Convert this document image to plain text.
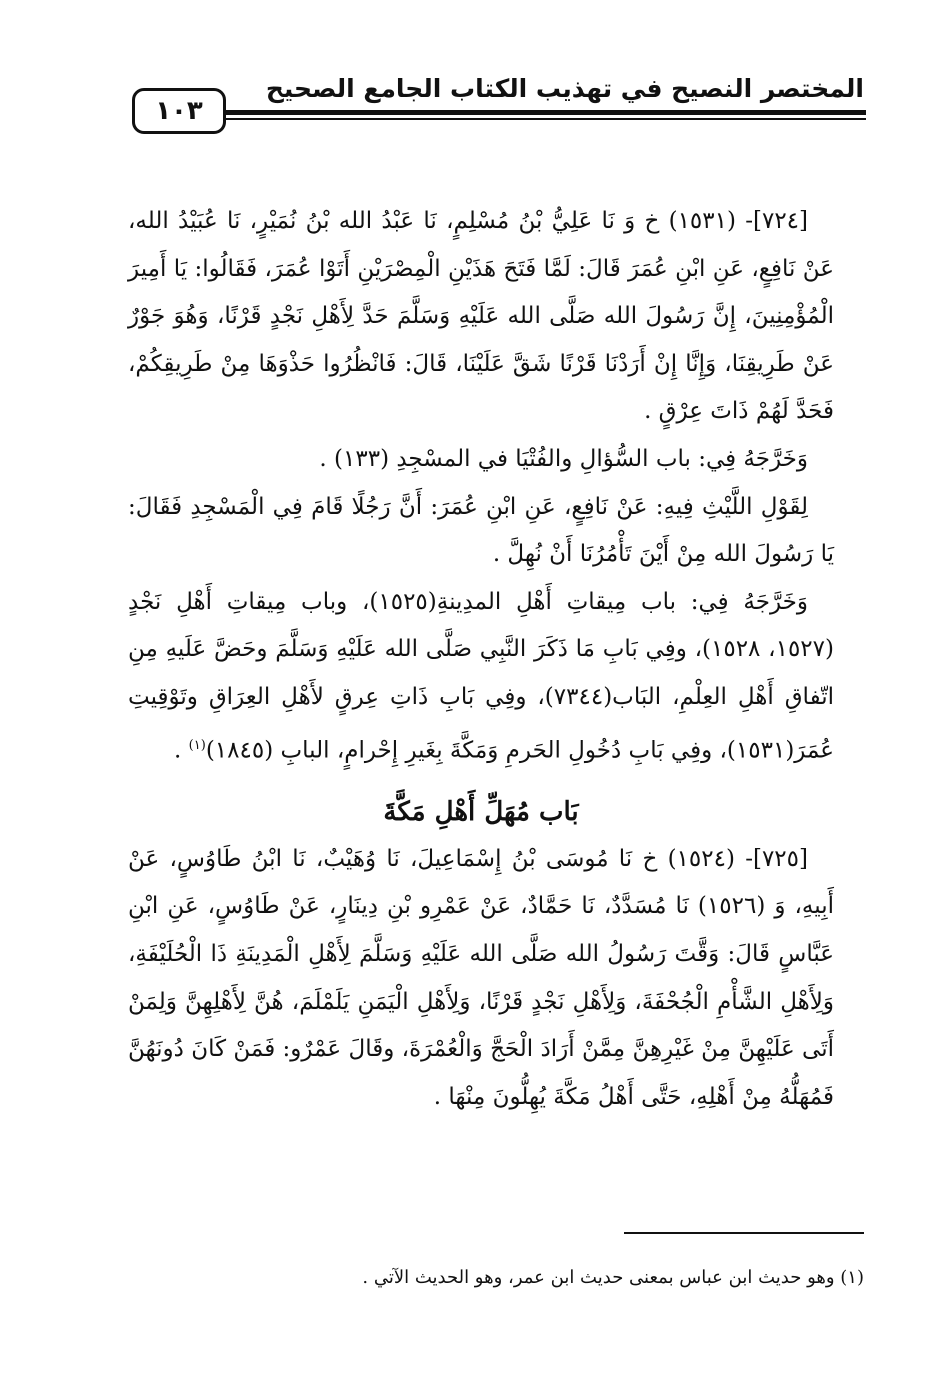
المختصر النصيح في تهذيب الكتاب الجامع الصحيح
١٠٣

[٧٢٤]- (١٥٣١) خ وَ نَا عَلِيُّ بْنُ مُسْلِمٍ، نَا عَبْدُ الله بْنُ نُمَيْرٍ، نَا عُبَيْدُ الله، عَنْ نَافِعٍ، عَنِ ابْنِ عُمَرَ قَالَ: لَمَّا فَتَحَ هَذَيْنِ الْمِصْرَيْنِ أَتَوْا عُمَرَ، فَقَالُوا: يَا أَمِيرَ الْمُؤْمِنِينَ، إِنَّ رَسُولَ الله صَلَّى الله عَلَيْهِ وَسَلَّمَ حَدَّ لِأَهْلِ نَجْدٍ قَرْنًا، وَهُوَ جَوْرٌ عَنْ طَرِيقِنَا، وَإِنَّا إِنْ أَرَدْنَا قَرْنًا شَقَّ عَلَيْنَا، قَالَ: فَانْظُرُوا حَذْوَهَا مِنْ طَرِيقِكُمْ، فَحَدَّ لَهُمْ ذَاتَ عِرْقٍ .

وَخَرَّجَهُ فِي: باب السُّؤالِ والفُتْيَا في المسْجِدِ (١٣٣) .

لِقَوْلِ اللَّيْثِ فِيهِ: عَنْ نَافِعٍ، عَنِ ابْنِ عُمَرَ: أَنَّ رَجُلًا قَامَ فِي الْمَسْجِدِ فَقَالَ: يَا رَسُولَ الله مِنْ أَيْنَ تَأْمُرُنَا أَنْ نُهِلَّ .

وَخَرَّجَهُ فِي: باب مِيقاتِ أَهْلِ المدِينةِ(١٥٢٥)، وباب مِيقاتِ أَهْلِ نَجْدٍ (١٥٢٧، ١٥٢٨)، وفِي بَابِ مَا ذَكَرَ النَّبِي صَلَّى الله عَلَيْهِ وَسَلَّمَ وحَضَّ عَلَيهِ مِنِ اتّفاقِ أَهْلِ العِلْمِ، البَاب(٧٣٤٤)، وفِي بَابِ ذَاتِ عِرقٍ لأَهْلِ العِرَاقِ وتَوْقِيتِ عُمَرَ(١٥٣١)، وفِي بَابِ دُخُولِ الحَرمِ وَمَكَّةَ بِغَيرِ إِحْرامٍ، البابِ (١٨٤٥)$^{(١)}$ .

بَاب مُهَلِّ أَهْلِ مَكَّةَ

[٧٢٥]- (١٥٢٤) خ نَا مُوسَى بْنُ إِسْمَاعِيلَ، نَا وُهَيْبٌ، نَا ابْنُ طَاوُسٍ، عَنْ أَبِيهِ، وَ (١٥٢٦) نَا مُسَدَّدٌ، نَا حَمَّادٌ، عَنْ عَمْرِو بْنِ دِينَارٍ، عَنْ طَاوُسٍ، عَنِ ابْنِ عَبَّاسٍ قَالَ: وَقَّتَ رَسُولُ الله صَلَّى الله عَلَيْهِ وَسَلَّمَ لِأَهْلِ الْمَدِينَةِ ذَا الْحُلَيْفَةِ، وَلِأَهْلِ الشَّأْمِ الْجُحْفَةَ، وَلِأَهْلِ نَجْدٍ قَرْنًا، وَلِأَهْلِ الْيَمَنِ يَلَمْلَمَ، هُنَّ لِأَهْلِهِنَّ وَلِمَنْ أَتَى عَلَيْهِنَّ مِنْ غَيْرِهِنَّ مِمَّنْ أَرَادَ الْحَجَّ وَالْعُمْرَةَ، وقَالَ عَمْرٌو: فَمَنْ كَانَ دُونَهُنَّ فَمُهَلُّهُ مِنْ أَهْلِهِ، حَتَّى أَهْلُ مَكَّةَ يُهِلُّونَ مِنْهَا .

(١) وهو حديث ابن عباس بمعنى حديث ابن عمر، وهو الحديث الآتي .
